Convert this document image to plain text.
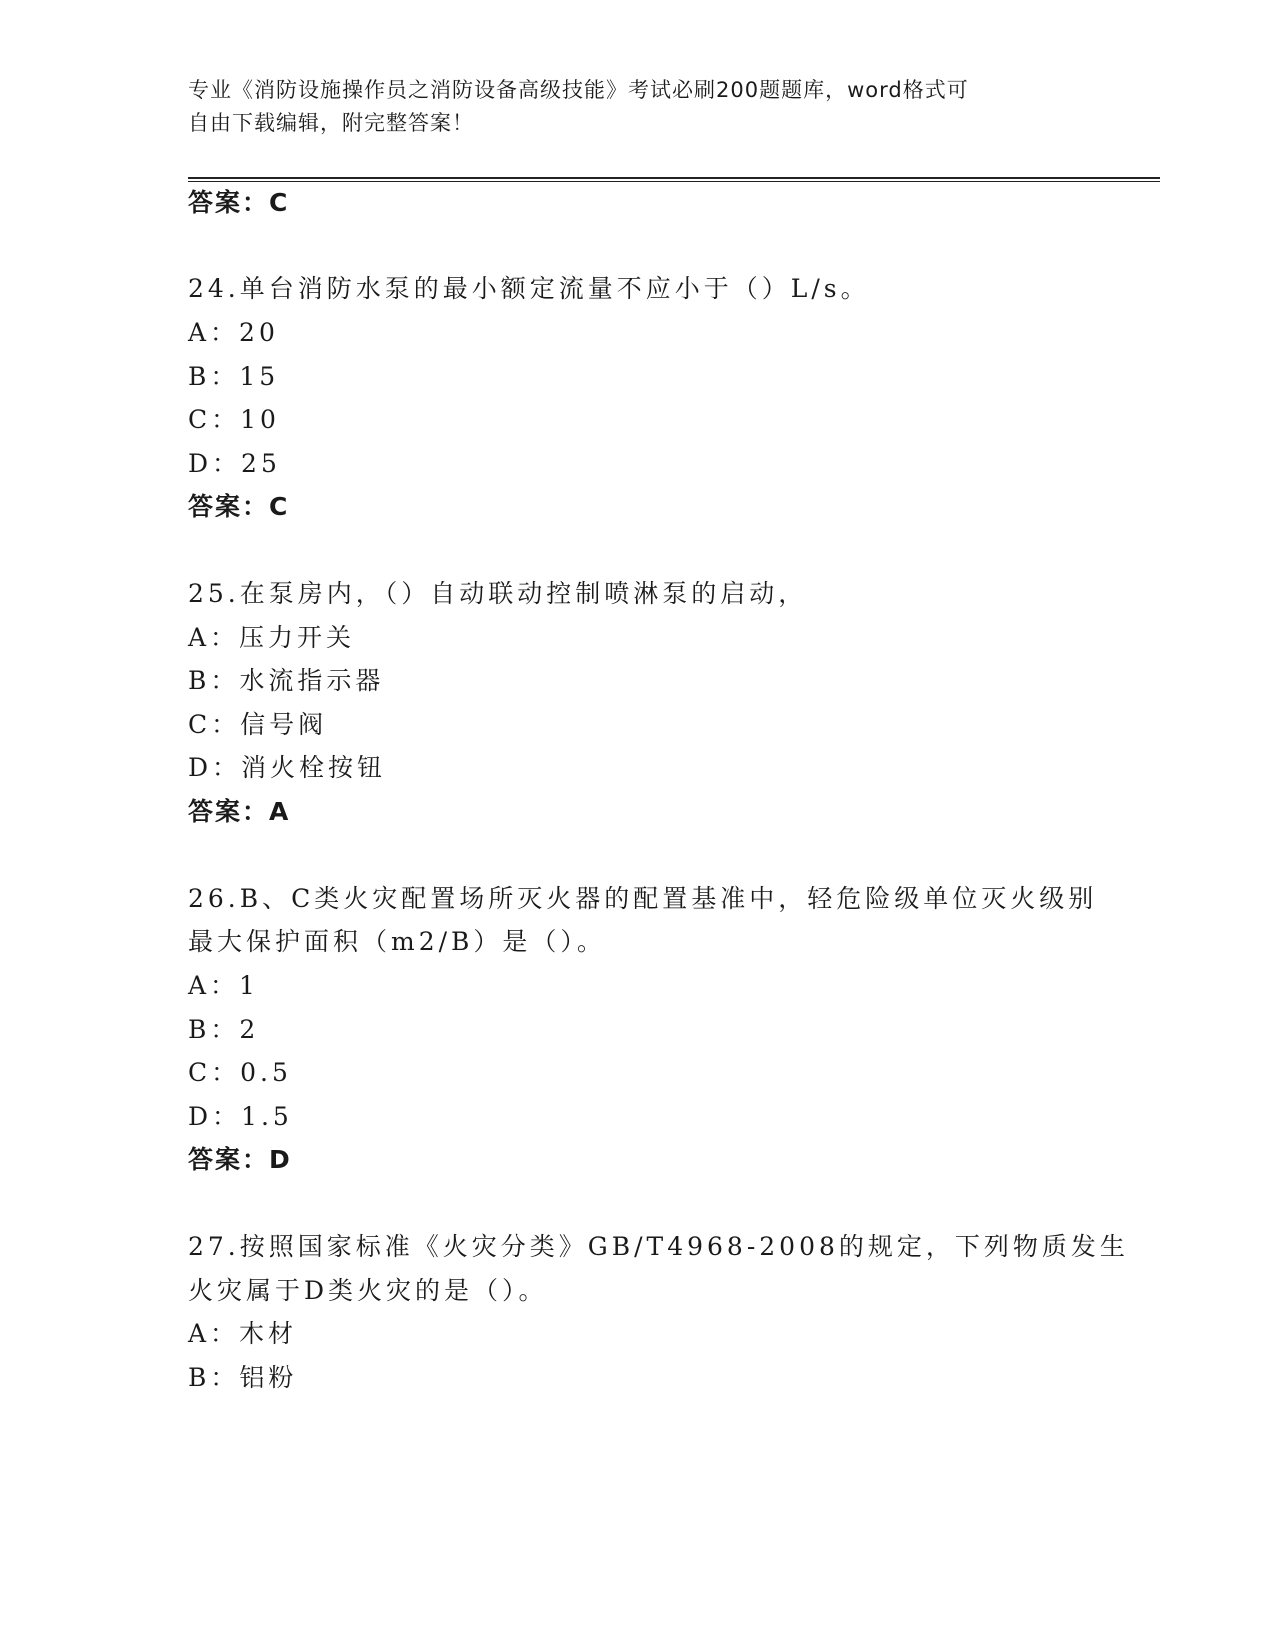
专业《消防设施操作员之消防设备高级技能》考试必刷200题题库，word格式可
自由下载编辑，附完整答案！
答案：C
24.单台消防水泵的最小额定流量不应小于（）L/s。
A：20
B：15
C：10
D：25
答案：C
25.在泵房内，（）自动联动控制喷淋泵的启动，
A：压力开关
B：水流指示器
C：信号阀
D：消火栓按钮
答案：A
26.B、C类火灾配置场所灭火器的配置基准中，轻危险级单位灭火级别
最大保护面积（m2/B）是（）。
A：1
B：2
C：0.5
D：1.5
答案：D
27.按照国家标准《火灾分类》GB/T4968-2008的规定，下列物质发生
火灾属于D类火灾的是（）。
A：木材
B：铝粉
